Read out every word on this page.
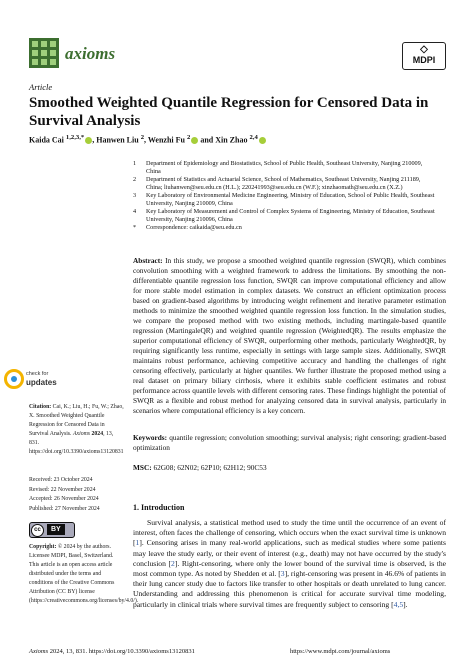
axioms	◇
MDPI
Article
Smoothed Weighted Quantile Regression for Censored Data in Survival Analysis
Kaida Cai $^{1,2,3,*}$ , Hanwen Liu $^2$, Wenzhi Fu $^2$ and Xin Zhao $^{2,4}$
1 Department of Epidemiology and Biostatistics, School of Public Health, Southeast University, Nanjing 210009, China
2 Department of Statistics and Actuarial Science, School of Mathematics, Southeast University, Nanjing 211189, China; liuhanwen@seu.edu.cn (H.L.); 220241993@seu.edu.cn (W.F.); xinzhaomath@seu.edu.cn (X.Z.)
3 Key Laboratory of Environmental Medicine Engineering, Ministry of Education, School of Public Health, Southeast University, Nanjing 210009, China
4 Key Laboratory of Measurement and Control of Complex Systems of Engineering, Ministry of Education, Southeast University, Nanjing 210096, China
* Correspondence: caikaida@seu.edu.cn
Abstract: In this study, we propose a smoothed weighted quantile regression (SWQR), which combines convolution smoothing with a weighted framework to address the limitations. By smoothing the non-differentiable quantile regression loss function, SWQR can improve computational efficiency and allow for more stable model estimation in complex datasets. We construct an efficient optimization process based on gradient-based algorithms by introducing weight refinement and iterative parameter estimation methods to minimize the smoothed weighted quantile regression loss function. In the simulation studies, we compare the proposed method with two existing methods, including martingale-based quantile regression (MartingaleQR) and weighted quantile regression (WeightedQR). The results emphasize the superior computational efficiency of SWQR, outperforming other methods, particularly WeightedQR, by requiring significantly less runtime, especially in settings with large sample sizes. Additionally, SWQR maintains robust performance, achieving competitive accuracy and handling the challenges of right censoring effectively, particularly at higher quantiles. We further illustrate the proposed method using a real dataset on primary biliary cirrhosis, where it exhibits stable coefficient estimates and robust performance across quantile levels with different censoring rates. These findings highlight the potential of SWQR as a flexible and robust method for analyzing censored data in survival analysis, particularly in scenarios where computational efficiency is a key concern.
Keywords: quantile regression; convolution smoothing; survival analysis; right censoring; gradient-based optimization
MSC: 62G08; 62N02; 62P10; 62H12; 90C53
check for
updates
Citation: Cai, K.; Liu, H.; Fu, W.; Zhao, X. Smoothed Weighted Quantile Regression for Censored Data in Survival Analysis. Axioms 2024, 13, 831. https://doi.org/10.3390/axioms13120831
Received: 23 October 2024
Revised: 22 November 2024
Accepted: 26 November 2024
Published: 27 November 2024
cc	BY
Copyright: © 2024 by the authors. Licensee MDPI, Basel, Switzerland. This article is an open access article distributed under the terms and conditions of the Creative Commons Attribution (CC BY) license (https://creativecommons.org/licenses/by/4.0/).
1. Introduction
Survival analysis, a statistical method used to study the time until the occurrence of an event of interest, often faces the challenge of censoring, which occurs when the exact survival time is unknown [1]. Censoring arises in many real-world applications, such as medical studies where some patients may leave the study early, or their event of interest (e.g., death) may not have occurred by the study's conclusion [2]. Right-censoring, where only the lower bound of the survival time is observed, is the most common type. As noted by Shedden et al. [3], right-censoring was present in 46.6% of patients in their lung cancer study due to factors like transfer to other hospitals or death unrelated to lung cancer. Understanding and addressing this phenomenon is critical for accurate survival time modeling, particularly in clinical trials where survival times are frequently subject to censoring [4,5].
Axioms 2024, 13, 831. https://doi.org/10.3390/axioms13120831	https://www.mdpi.com/journal/axioms
